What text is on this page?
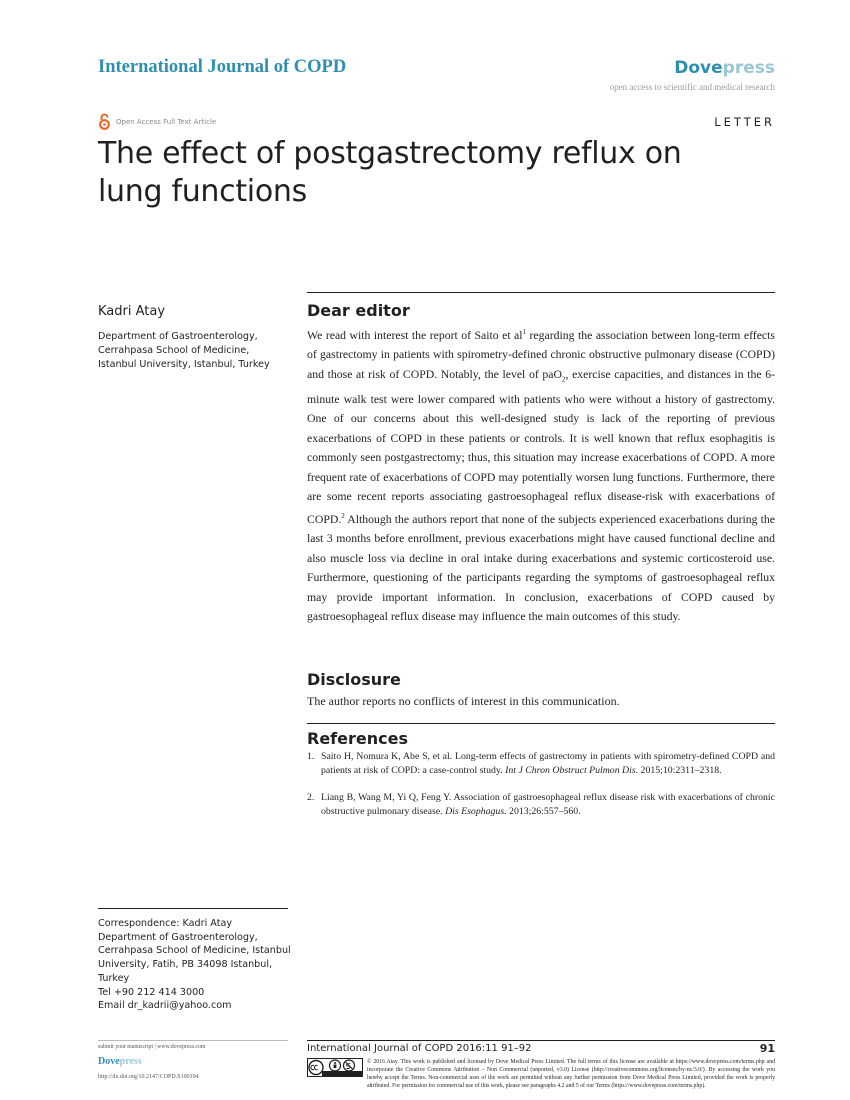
International Journal of COPD	Dovepress
open access to scientific and medical research
Open Access Full Text Article	LETTER
The effect of postgastrectomy reflux on lung functions
Kadri Atay
Department of Gastroenterology,
Cerrahpasa School of Medicine,
Istanbul University, Istanbul, Turkey
Dear editor

We read with interest the report of Saito et $al^1$ regarding the association between long-term effects of gastrectomy in patients with spirometry-defined chronic obstructive pulmonary disease (COPD) and those at risk of COPD. Notably, the level of paO$_2$, exercise capacities, and distances in the 6-minute walk test were lower compared with patients who were without a history of gastrectomy. One of our concerns about this well-designed study is lack of the reporting of previous exacerbations of COPD in these patients or controls. It is well known that reflux esophagitis is commonly seen postgastrectomy; thus, this situation may increase exacerbations of COPD. A more frequent rate of exacerbations of COPD may potentially worsen lung functions. Furthermore, there are some recent reports associating gastroesophageal reflux disease-risk with exacerbations of COPD.$^2$ Although the authors report that none of the subjects experienced exacerbations during the last 3 months before enrollment, previous exacerbations might have caused functional decline and also muscle loss via decline in oral intake during exacerbations and systemic corticosteroid use. Furthermore, questioning of the participants regarding the symptoms of gastroesophageal reflux may provide important information. In conclusion, exacerbations of COPD caused by gastroesophageal reflux disease may influence the main outcomes of this study.

Disclosure

The author reports no conflicts of interest in this communication.

References
1. Saito H, Nomura K, Abe S, et al. Long-term effects of gastrectomy in patients with spirometry-defined COPD and patients at risk of COPD: a case-control study. Int J Chron Obstruct Pulmon Dis. 2015;10:2311–2318.
2. Liang B, Wang M, Yi Q, Feng Y. Association of gastroesophageal reflux disease risk with exacerbations of chronic obstructive pulmonary disease. Dis Esophagus. 2013;26:557–560.
Correspondence: Kadri Atay
Department of Gastroenterology,
Cerrahpasa School of Medicine, Istanbul
University, Fatih, PB 34098 Istanbul,
Turkey
Tel +90 212 414 3000
Email dr_kadrii@yahoo.com
submit your manuscript | www.dovepress.com
Dovepress
http://dx.doi.org/10.2147/COPD.S100194
International Journal of COPD 2016:11 91–92	91
© 2016 Atay. This work is published and licensed by Dove Medical Press Limited. The full terms of this license are available at https://www.dovepress.com/terms.php and incorporate the Creative Commons Attribution – Non Commercial (unported, v3.0) License (http://creativecommons.org/licenses/by-nc/3.0/). By accessing the work you hereby accept the Terms. Non-commercial uses of the work are permitted without any further permission from Dove Medical Press Limited, provided the work is properly attributed. For permission for commercial use of this work, please see paragraphs 4.2 and 5 of our Terms (https://www.dovepress.com/terms.php).
